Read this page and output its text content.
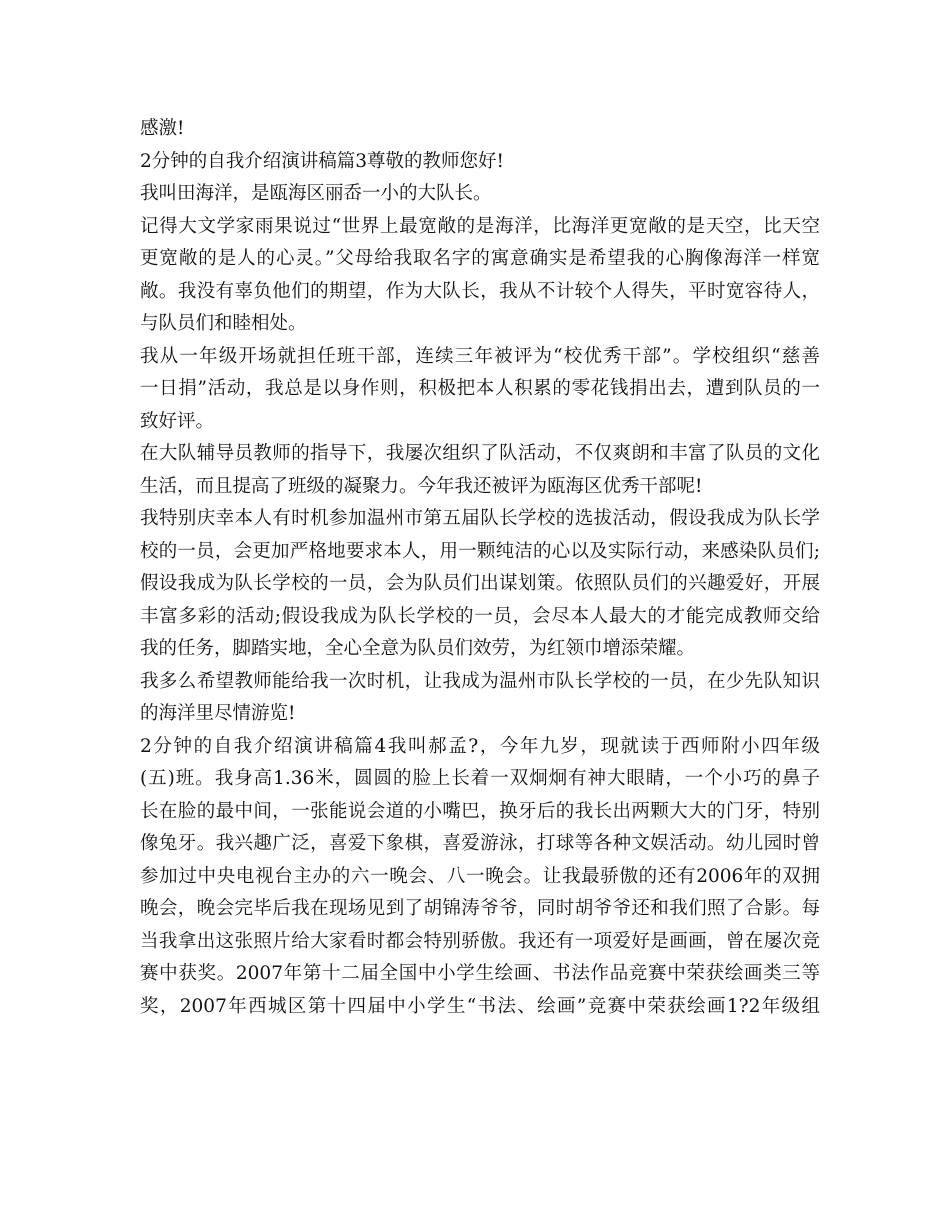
感激!
2分钟的自我介绍演讲稿篇3尊敬的教师您好!
我叫田海洋，是瓯海区丽岙一小的大队长。
记得大文学家雨果说过“世界上最宽敞的是海洋，比海洋更宽敞的是天空，比天空
更宽敞的是人的心灵。”父母给我取名字的寓意确实是希望我的心胸像海洋一样宽
敞。我没有辜负他们的期望，作为大队长，我从不计较个人得失，平时宽容待人，
与队员们和睦相处。
我从一年级开场就担任班干部，连续三年被评为“校优秀干部”。学校组织“慈善
一日捐”活动，我总是以身作则，积极把本人积累的零花钱捐出去，遭到队员的一
致好评。
在大队辅导员教师的指导下，我屡次组织了队活动，不仅爽朗和丰富了队员的文化
生活，而且提高了班级的凝聚力。今年我还被评为瓯海区优秀干部呢!
我特别庆幸本人有时机参加温州市第五届队长学校的选拔活动，假设我成为队长学
校的一员，会更加严格地要求本人，用一颗纯洁的心以及实际行动，来感染队员们;
假设我成为队长学校的一员，会为队员们出谋划策。依照队员们的兴趣爱好，开展
丰富多彩的活动;假设我成为队长学校的一员，会尽本人最大的才能完成教师交给
我的任务，脚踏实地，全心全意为队员们效劳，为红领巾增添荣耀。
我多么希望教师能给我一次时机，让我成为温州市队长学校的一员，在少先队知识
的海洋里尽情游览!
2分钟的自我介绍演讲稿篇4我叫郝孟?，今年九岁，现就读于西师附小四年级
(五)班。我身高1.36米，圆圆的脸上长着一双炯炯有神大眼睛，一个小巧的鼻子
长在脸的最中间，一张能说会道的小嘴巴，换牙后的我长出两颗大大的门牙，特别
像兔牙。我兴趣广泛，喜爱下象棋，喜爱游泳，打球等各种文娱活动。幼儿园时曾
参加过中央电视台主办的六一晚会、八一晚会。让我最骄傲的还有2006年的双拥
晚会，晚会完毕后我在现场见到了胡锦涛爷爷，同时胡爷爷还和我们照了合影。每
当我拿出这张照片给大家看时都会特别骄傲。我还有一项爱好是画画，曾在屡次竞
赛中获奖。2007年第十二届全国中小学生绘画、书法作品竞赛中荣获绘画类三等
奖，2007年西城区第十四届中小学生“书法、绘画”竞赛中荣获绘画1?2年级组
